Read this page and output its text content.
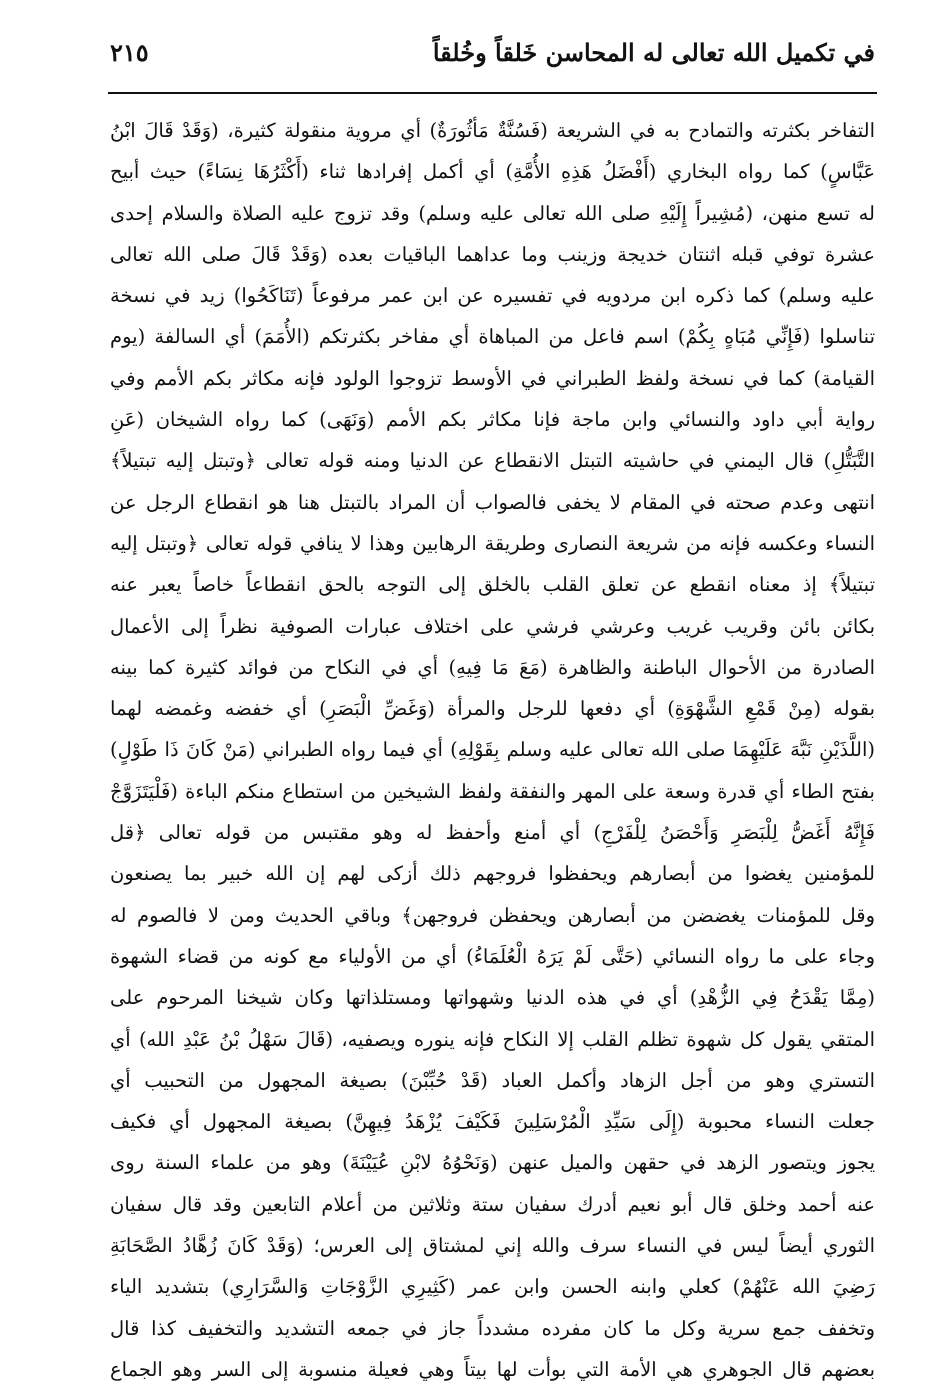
في تكميل الله تعالى له المحاسن خَلقاً وخُلقاً
٢١٥
التفاخر بكثرته والتمادح به في الشريعة (فَسُنَّةٌ مَأثُورَةٌ) أي مروية منقولة كثيرة، (وَقَدْ قَالَ ابْنُ
عَبَّاسٍ) كما رواه البخاري (أَفْضَلُ هَذِهِ الأُمَّةِ) أي أكمل إفرادها ثناء (أَكْثَرُهَا نِسَاءً) حيث أبيح
له تسع منهن، (مُشِيراً إِلَيْهِ صلى الله تعالى عليه وسلم) وقد تزوج عليه الصلاة والسلام إحدى
عشرة توفي قبله اثنتان خديجة وزينب وما عداهما الباقيات بعده (وَقَدْ قَالَ صلى الله تعالى
عليه وسلم) كما ذكره ابن مردويه في تفسيره عن ابن عمر مرفوعاً (تَنَاكَحُوا) زيد في نسخة
تناسلوا (فَإِنِّي مُبَاهٍ بِكُمْ) اسم فاعل من المباهاة أي مفاخر بكثرتكم (الأُمَمَ) أي السالفة (يوم
القيامة) كما في نسخة ولفظ الطبراني في الأوسط تزوجوا الولود فإنه مكاثر بكم الأمم وفي
رواية أبي داود والنسائي وابن ماجة فإنا مكاثر بكم الأمم (وَنَهَى) كما رواه الشيخان (عَنِ
التَّبَتُّلِ) قال اليمني في حاشيته التبتل الانقطاع عن الدنيا ومنه قوله تعالى ﴿وتبتل إليه تبتيلاً﴾
انتهى وعدم صحته في المقام لا يخفى فالصواب أن المراد بالتبتل هنا هو انقطاع الرجل عن
النساء وعكسه فإنه من شريعة النصارى وطريقة الرهابين وهذا لا ينافي قوله تعالى ﴿وتبتل إليه
تبتيلاً﴾ إذ معناه انقطع عن تعلق القلب بالخلق إلى التوجه بالحق انقطاعاً خاصاً يعبر عنه
بكائن بائن وقريب غريب وعرشي فرشي على اختلاف عبارات الصوفية نظراً إلى الأعمال
الصادرة من الأحوال الباطنة والظاهرة (مَعَ مَا فِيهِ) أي في النكاح من فوائد كثيرة كما بينه
بقوله (مِنْ قَمْعِ الشَّهْوَةِ) أي دفعها للرجل والمرأة (وَغَضِّ الْبَصَرِ) أي خفضه وغمضه لهما
(اللَّذَيْنِ نَبَّهَ عَلَيْهِمَا صلى الله تعالى عليه وسلم بِقَوْلِهِ) أي فيما رواه الطبراني (مَنْ كَانَ ذَا طَوْلٍ)
بفتح الطاء أي قدرة وسعة على المهر والنفقة ولفظ الشيخين من استطاع منكم الباءة (فَلْيَتَزَوَّجْ
فَإِنَّهُ أَغَضُّ لِلْبَصَرِ وَأَحْصَنُ لِلْفَرْجِ) أي أمنع وأحفظ له وهو مقتبس من قوله تعالى ﴿قل
للمؤمنين يغضوا من أبصارهم ويحفظوا فروجهم ذلك أزكى لهم إن الله خبير بما يصنعون
وقل للمؤمنات يغضضن من أبصارهن ويحفظن فروجهن﴾ وباقي الحديث ومن لا فالصوم له
وجاء على ما رواه النسائي (حَتَّى لَمْ يَرَهُ الْعُلَمَاءُ) أي من الأولياء مع كونه من قضاء الشهوة
(مِمَّا يَقْدَحُ فِي الزُّهْدِ) أي في هذه الدنيا وشهواتها ومستلذاتها وكان شيخنا المرحوم على
المتقي يقول كل شهوة تظلم القلب إلا النكاح فإنه ينوره ويصفيه، (قَالَ سَهْلُ بْنُ عَبْدِ الله) أي
التستري وهو من أجل الزهاد وأكمل العباد (قَدْ حُبِّبْنَ) بصيغة المجهول من التحبيب أي
جعلت النساء محبوبة (إِلَى سَيِّدِ الْمُرْسَلِينَ فَكَيْفَ يُزْهَدُ فِيهِنَّ) بصيغة المجهول أي فكيف
يجوز ويتصور الزهد في حقهن والميل عنهن (وَنَحْوُهُ لابْنِ عُيَيْنَةَ) وهو من علماء السنة روى
عنه أحمد وخلق قال أبو نعيم أدرك سفيان ستة وثلاثين من أعلام التابعين وقد قال سفيان
الثوري أيضاً ليس في النساء سرف والله إني لمشتاق إلى العرس؛ (وَقَدْ كَانَ زُهَّادُ الصَّحَابَةِ
رَضِيَ الله عَنْهُمْ) كعلي وابنه الحسن وابن عمر (كَثِيرِي الزَّوْجَاتِ وَالسَّرَارِي) بتشديد الياء
وتخفف جمع سرية وكل ما كان مفرده مشدداً جاز في جمعه التشديد والتخفيف كذا قال
بعضهم قال الجوهري هي الأمة التي بوأت لها بيتاً وهي فعيلة منسوبة إلى السر وهو الجماع
